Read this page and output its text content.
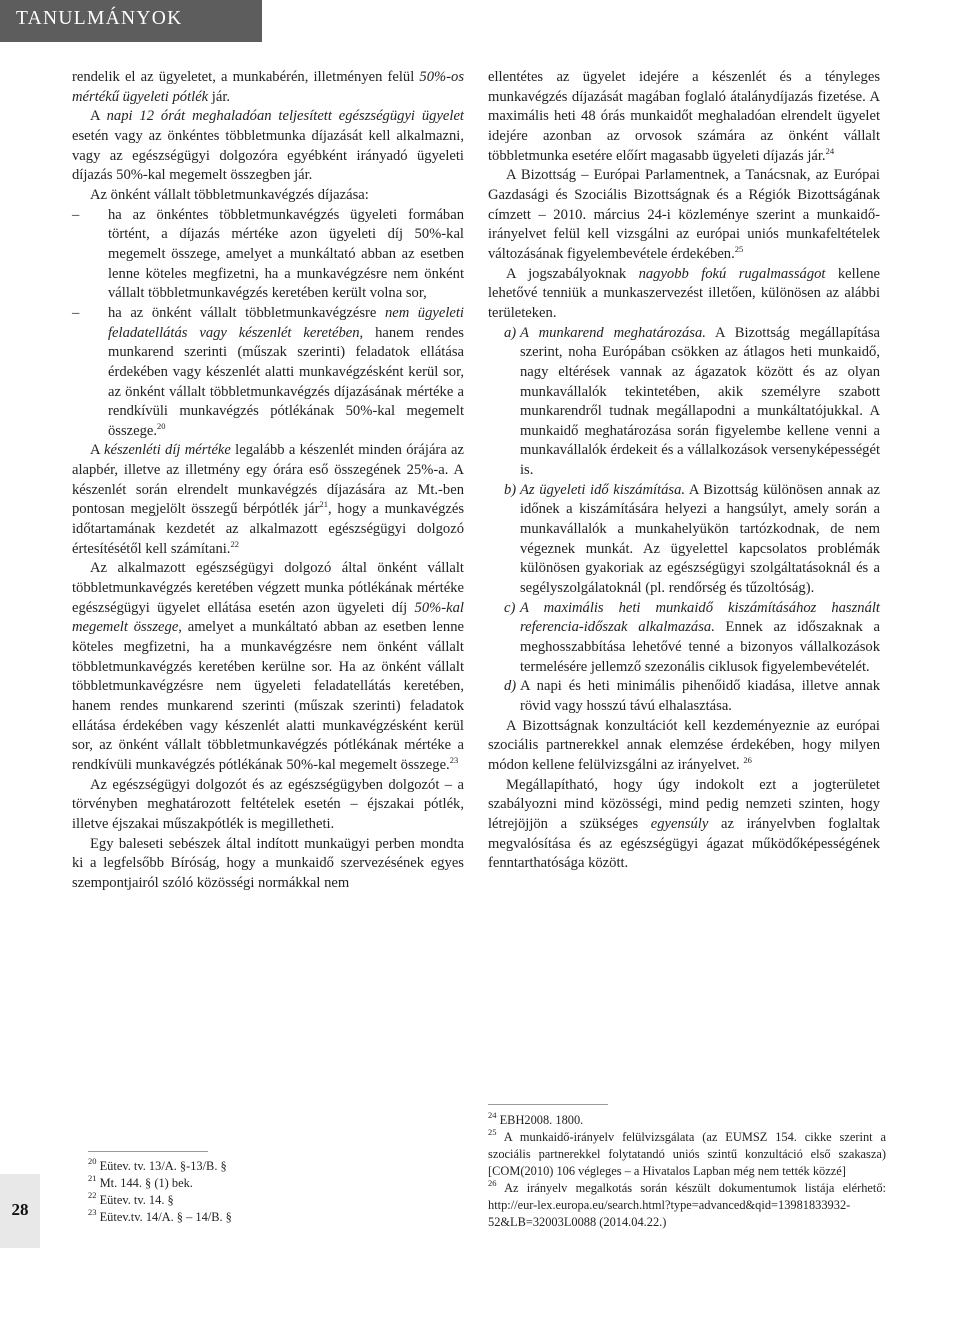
TANULMÁNYOK

rendelik el az ügyeletet, a munkabérén, illetményen felül 50%-os mértékű ügyeleti pótlék jár.

A napi 12 órát meghaladóan teljesített egészségügyi ügyelet esetén vagy az önkéntes többletmunka díjazását kell alkalmazni, vagy az egészségügyi dolgozóra egyébként irányadó ügyeleti díjazás 50%-kal megemelt összegben jár.

Az önként vállalt többletmunkavégzés díjazása:

– ha az önkéntes többletmunkavégzés ügyeleti formában történt, a díjazás mértéke azon ügyeleti díj 50%-kal megemelt összege, amelyet a munkáltató abban az esetben lenne köteles megfizetni, ha a munkavégzésre nem önként vállalt többletmunkavégzés keretében került volna sor,

– ha az önként vállalt többletmunkavégzésre nem ügyeleti feladatellátás vagy készenlét keretében, hanem rendes munkarend szerinti (műszak szerinti) feladatok ellátása érdekében vagy készenlét alatti munkavégzésként kerül sor, az önként vállalt többletmunkavégzés díjazásának mértéke a rendkívüli munkavégzés pótlékának 50%-kal megemelt összege.$^{20}$

A készenléti díj mértéke legalább a készenlét minden órájára az alapbér, illetve az illetmény egy órára eső összegének 25%-a. A készenlét során elrendelt munkavégzés díjazására az Mt.-ben pontosan megjelölt összegű bérpótlék jár$^{21}$, hogy a munkavégzés időtartamának kezdetét az alkalmazott egészségügyi dolgozó értesítésétől kell számítani.$^{22}$

Az alkalmazott egészségügyi dolgozó által önként vállalt többletmunkavégzés keretében végzett munka pótlékának mértéke egészségügyi ügyelet ellátása esetén azon ügyeleti díj 50%-kal megemelt összege, amelyet a munkáltató abban az esetben lenne köteles megfizetni, ha a munkavégzésre nem önként vállalt többletmunkavégzés keretében kerülne sor. Ha az önként vállalt többletmunkavégzésre nem ügyeleti feladatellátás keretében, hanem rendes munkarend szerinti (műszak szerinti) feladatok ellátása érdekében vagy készenlét alatti munkavégzésként kerül sor, az önként vállalt többletmunkavégzés pótlékának mértéke a rendkívüli munkavégzés pótlékának 50%-kal megemelt összege.$^{23}$

Az egészségügyi dolgozót és az egészségügyben dolgozót – a törvényben meghatározott feltételek esetén – éjszakai pótlék, illetve éjszakai műszakpótlék is megilletheti.

Egy baleseti sebészek által indított munkaügyi perben mondta ki a legfelsőbb Bíróság, hogy a munkaidő szervezésének egyes szempontjairól szóló közösségi normákkal nem

ellentétes az ügyelet idejére a készenlét és a tényleges munkavégzés díjazását magában foglaló átalánydíjazás fizetése. A maximális heti 48 órás munkaidőt meghaladóan elrendelt ügyelet idejére azonban az orvosok számára az önként vállalt többletmunka esetére előírt magasabb ügyeleti díjazás jár.$^{24}$

A Bizottság – Európai Parlamentnek, a Tanácsnak, az Európai Gazdasági és Szociális Bizottságnak és a Régiók Bizottságának címzett – 2010. március 24-i közleménye szerint a munkaidő-irányelvet felül kell vizsgálni az európai uniós munkafeltételek változásának figyelembevétele érdekében.$^{25}$

A jogszabályoknak nagyobb fokú rugalmasságot kellene lehetővé tenniük a munkaszervezést illetően, különösen az alábbi területeken.

a) A munkarend meghatározása. A Bizottság megállapítása szerint, noha Európában csökken az átlagos heti munkaidő, nagy eltérések vannak az ágazatok között és az olyan munkavállalók tekintetében, akik személyre szabott munkarendről tudnak megállapodni a munkáltatójukkal. A munkaidő meghatározása során figyelembe kellene venni a munkavállalók érdekeit és a vállalkozások versenyképességét is.

b) Az ügyeleti idő kiszámítása. A Bizottság különösen annak az időnek a kiszámítására helyezi a hangsúlyt, amely során a munkavállalók a munkahelyükön tartózkodnak, de nem végeznek munkát. Az ügyelettel kapcsolatos problémák különösen gyakoriak az egészségügyi szolgáltatásoknál és a segélyszolgálatoknál (pl. rendőrség és tűzoltóság).

c) A maximális heti munkaidő kiszámításához használt referencia-időszak alkalmazása. Ennek az időszaknak a meghosszabbítása lehetővé tenné a bizonyos vállalkozások termelésére jellemző szezonális ciklusok figyelembevételét.

d) A napi és heti minimális pihenőidő kiadása, illetve annak rövid vagy hosszú távú elhalasztása.

A Bizottságnak konzultációt kell kezdeményeznie az európai szociális partnerekkel annak elemzése érdekében, hogy milyen módon kellene felülvizsgálni az irányelvet. $^{26}$

Megállapítható, hogy úgy indokolt ezt a jogterületet szabályozni mind közösségi, mind pedig nemzeti szinten, hogy létrejöjjön a szükséges egyensúly az irányelvben foglaltak megvalósítása és az egészségügyi ágazat működőképességének fenntarthatósága között.

$^{24}$ EBH2008. 1800.

$^{25}$ A munkaidő-irányelv felülvizsgálata (az EUMSZ 154. cikke szerint a szociális partnerekkel folytatandó uniós szintű konzultáció első szakasza) [COM(2010) 106 végleges – a Hivatalos Lapban még nem tették közzé]

$^{26}$ Az irányelv megalkotás során készült dokumentumok listája elérhető: http://eur-lex.europa.eu/search.html?type=advanced&qid=13981833932-52&LB=32003L0088 (2014.04.22.)

$^{20}$ Eütev. tv. 13/A. §-13/B. §

$^{21}$ Mt. 144. § (1) bek.

$^{22}$ Eütev. tv. 14. §

$^{23}$ Eütev.tv. 14/A. § – 14/B. §

28
